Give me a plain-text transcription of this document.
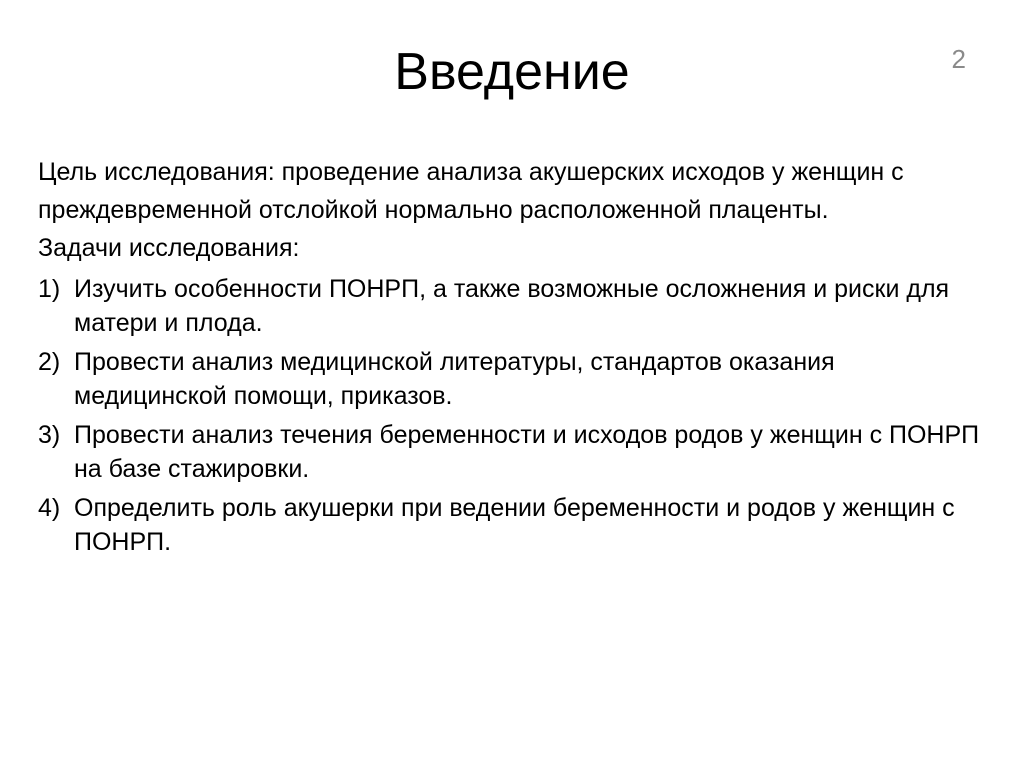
Введение	2

Цель исследования: проведение анализа акушерских исходов у женщин с преждевременной отслойкой нормально расположенной плаценты.

Задачи исследования:

1) Изучить особенности ПОНРП, а также возможные осложнения и риски для матери и плода.
2) Провести анализ медицинской литературы, стандартов оказания медицинской помощи, приказов.
3) Провести анализ течения беременности и исходов родов у женщин с ПОНРП на базе стажировки.
4) Определить роль акушерки при ведении беременности и родов у женщин с ПОНРП.
